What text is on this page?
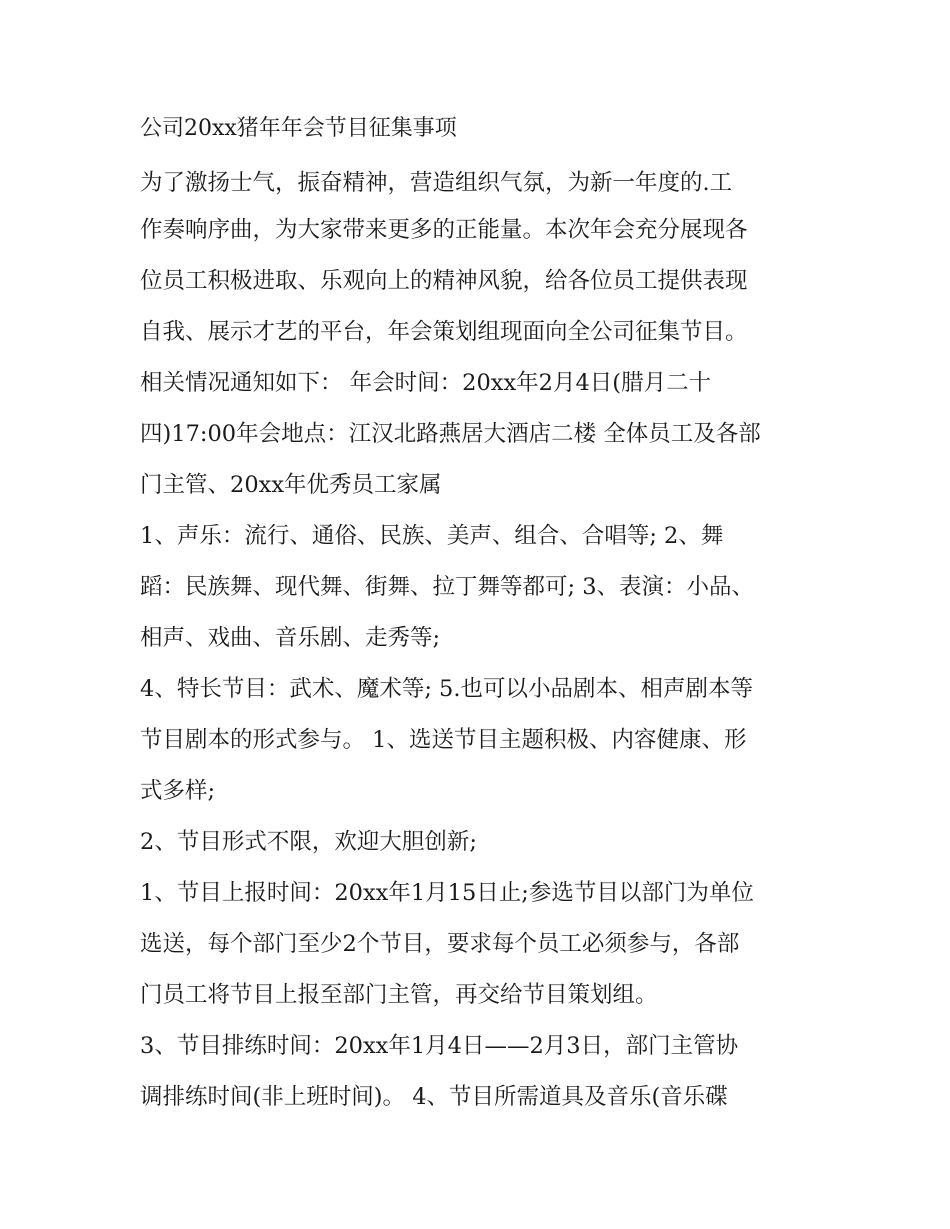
公司20xx猪年年会节目征集事项
为了激扬士气，振奋精神，营造组织气氛，为新一年度的.工
作奏响序曲，为大家带来更多的正能量。本次年会充分展现各
位员工积极进取、乐观向上的精神风貌，给各位员工提供表现
自我、展示才艺的平台，年会策划组现面向全公司征集节目。
相关情况通知如下： 年会时间：20xx年2月4日(腊月二十
四)17:00年会地点：江汉北路燕居大酒店二楼 全体员工及各部
门主管、20xx年优秀员工家属
1、声乐：流行、通俗、民族、美声、组合、合唱等; 2、舞
蹈：民族舞、现代舞、街舞、拉丁舞等都可; 3、表演：小品、
相声、戏曲、音乐剧、走秀等;
4、特长节目：武术、魔术等; 5.也可以小品剧本、相声剧本等
节目剧本的形式参与。 1、选送节目主题积极、内容健康、形
式多样;
2、节目形式不限，欢迎大胆创新;
1、节目上报时间：20xx年1月15日止;参选节目以部门为单位
选送，每个部门至少2个节目，要求每个员工必须参与，各部
门员工将节目上报至部门主管，再交给节目策划组。
3、节目排练时间：20xx年1月4日——2月3日，部门主管协
调排练时间(非上班时间)。 4、节目所需道具及音乐(音乐碟
